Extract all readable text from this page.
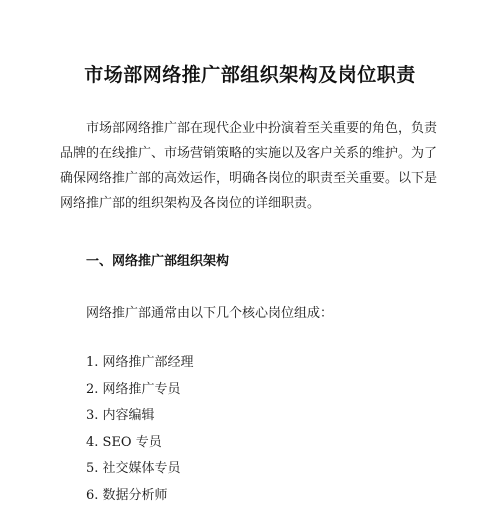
市场部网络推广部组织架构及岗位职责

市场部网络推广部在现代企业中扮演着至关重要的角色，负责品牌的在线推广、市场营销策略的实施以及客户关系的维护。为了确保网络推广部的高效运作，明确各岗位的职责至关重要。以下是网络推广部的组织架构及各岗位的详细职责。

一、网络推广部组织架构
网络推广部通常由以下几个核心岗位组成：
1. 网络推广部经理
2. 网络推广专员
3. 内容编辑
4. SEO 专员
5. 社交媒体专员
6. 数据分析师
